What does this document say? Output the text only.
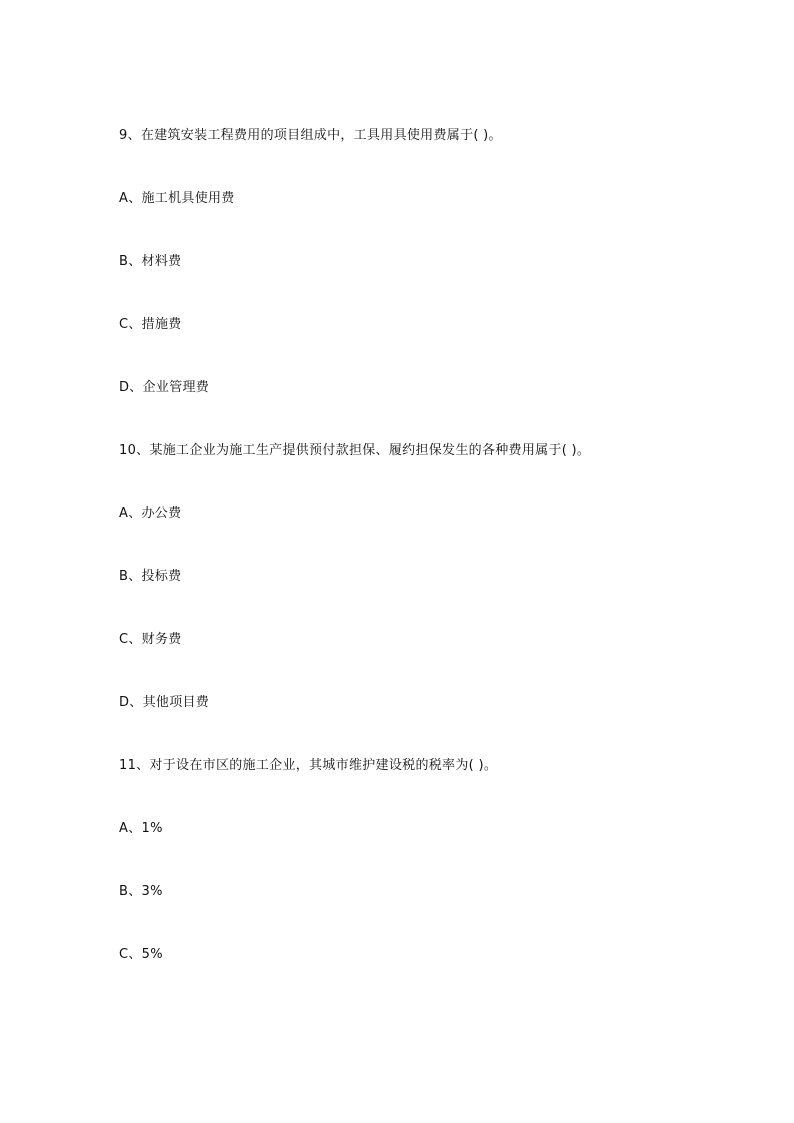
9、在建筑安装工程费用的项目组成中，工具用具使用费属于( )。
A、施工机具使用费
B、材料费
C、措施费
D、企业管理费
10、某施工企业为施工生产提供预付款担保、履约担保发生的各种费用属于( )。
A、办公费
B、投标费
C、财务费
D、其他项目费
11、对于设在市区的施工企业，其城市维护建设税的税率为( )。
A、1%
B、3%
C、5%
